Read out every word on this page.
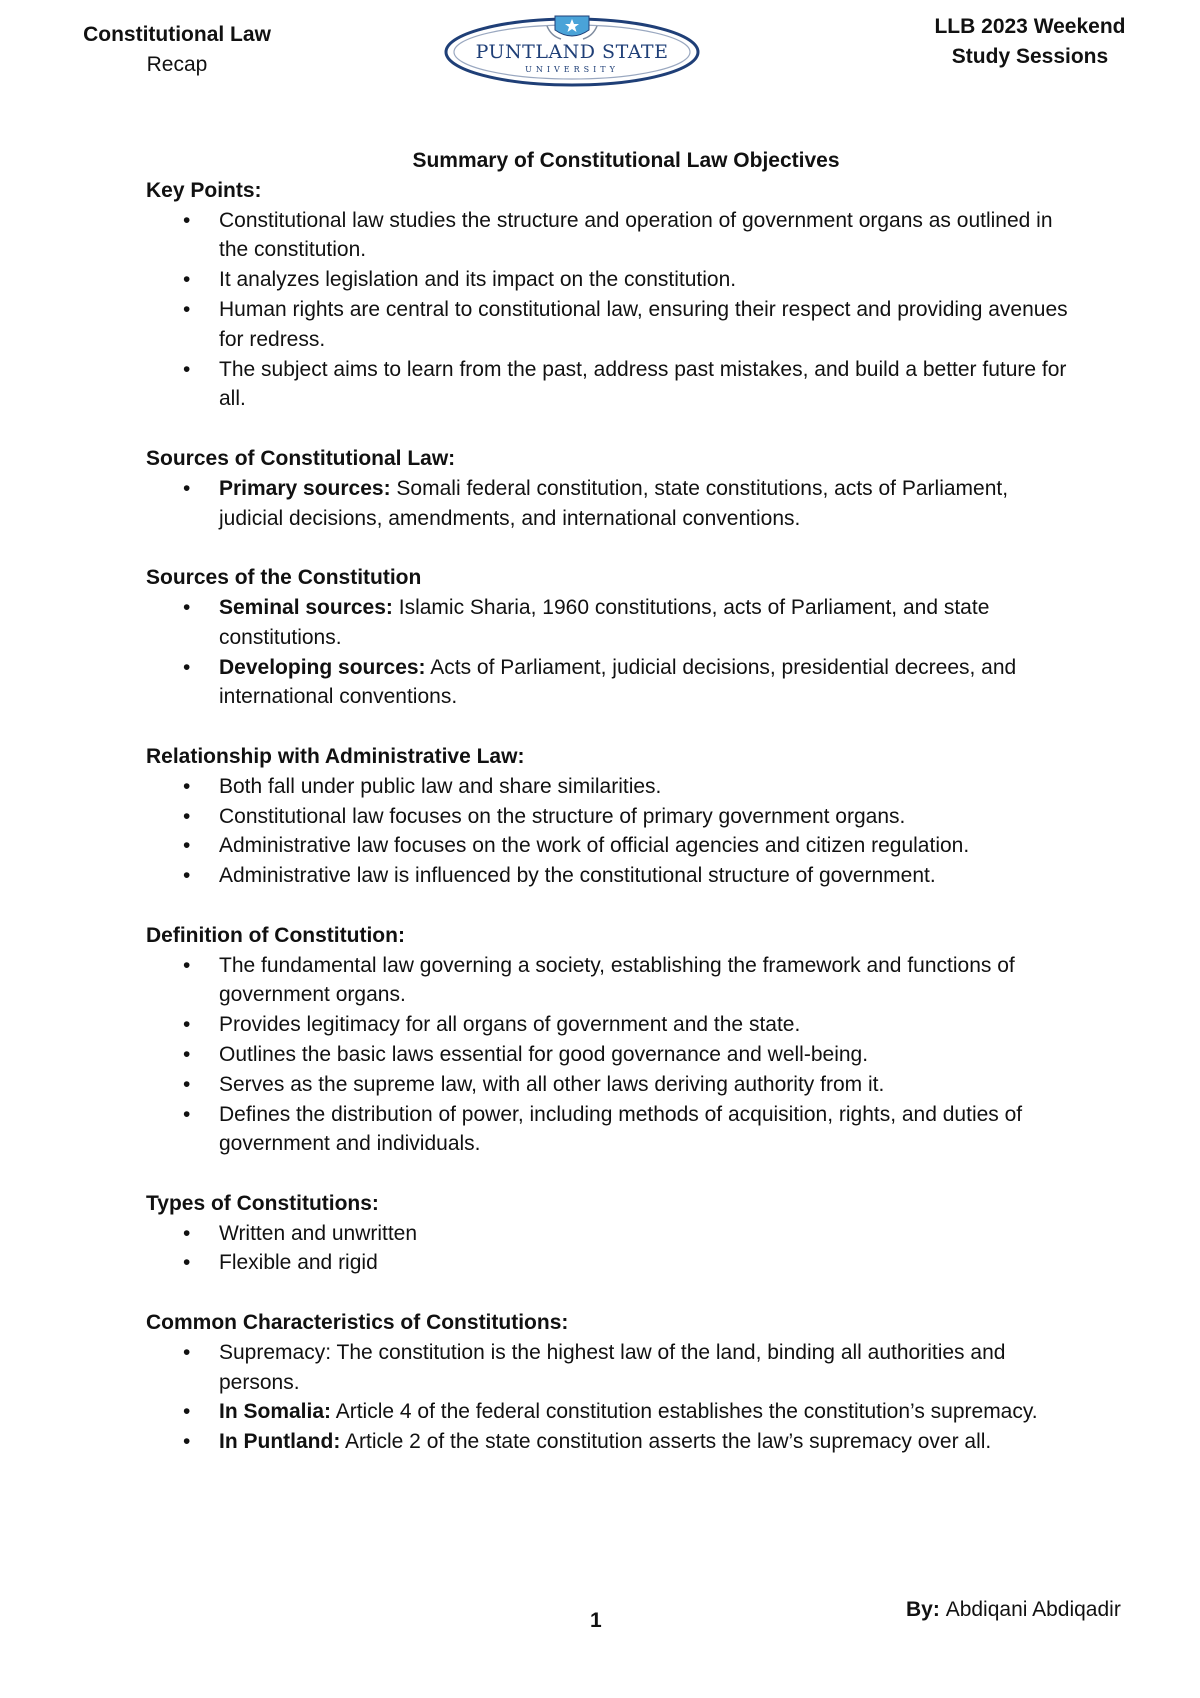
Constitutional Law
Recap
PUNTLAND STATE
UNIVERSITY
LLB 2023 Weekend
Study Sessions

Summary of Constitutional Law Objectives

Key Points:

•	Constitutional law studies the structure and operation of government organs as outlined in the constitution.
•	It analyzes legislation and its impact on the constitution.
•	Human rights are central to constitutional law, ensuring their respect and providing avenues for redress.
•	The subject aims to learn from the past, address past mistakes, and build a better future for all.

Sources of Constitutional Law:

•	Primary sources: Somali federal constitution, state constitutions, acts of Parliament, judicial decisions, amendments, and international conventions.

Sources of the Constitution

•	Seminal sources: Islamic Sharia, 1960 constitutions, acts of Parliament, and state constitutions.
•	Developing sources: Acts of Parliament, judicial decisions, presidential decrees, and international conventions.

Relationship with Administrative Law:

•	Both fall under public law and share similarities.
•	Constitutional law focuses on the structure of primary government organs.
•	Administrative law focuses on the work of official agencies and citizen regulation.
•	Administrative law is influenced by the constitutional structure of government.

Definition of Constitution:

•	The fundamental law governing a society, establishing the framework and functions of government organs.
•	Provides legitimacy for all organs of government and the state.
•	Outlines the basic laws essential for good governance and well-being.
•	Serves as the supreme law, with all other laws deriving authority from it.
•	Defines the distribution of power, including methods of acquisition, rights, and duties of government and individuals.

Types of Constitutions:

•	Written and unwritten
•	Flexible and rigid

Common Characteristics of Constitutions:

•	Supremacy: The constitution is the highest law of the land, binding all authorities and persons.
•	In Somalia: Article 4 of the federal constitution establishes the constitution’s supremacy.
•	In Puntland: Article 2 of the state constitution asserts the law’s supremacy over all.
1	By: Abdiqani Abdiqadir
